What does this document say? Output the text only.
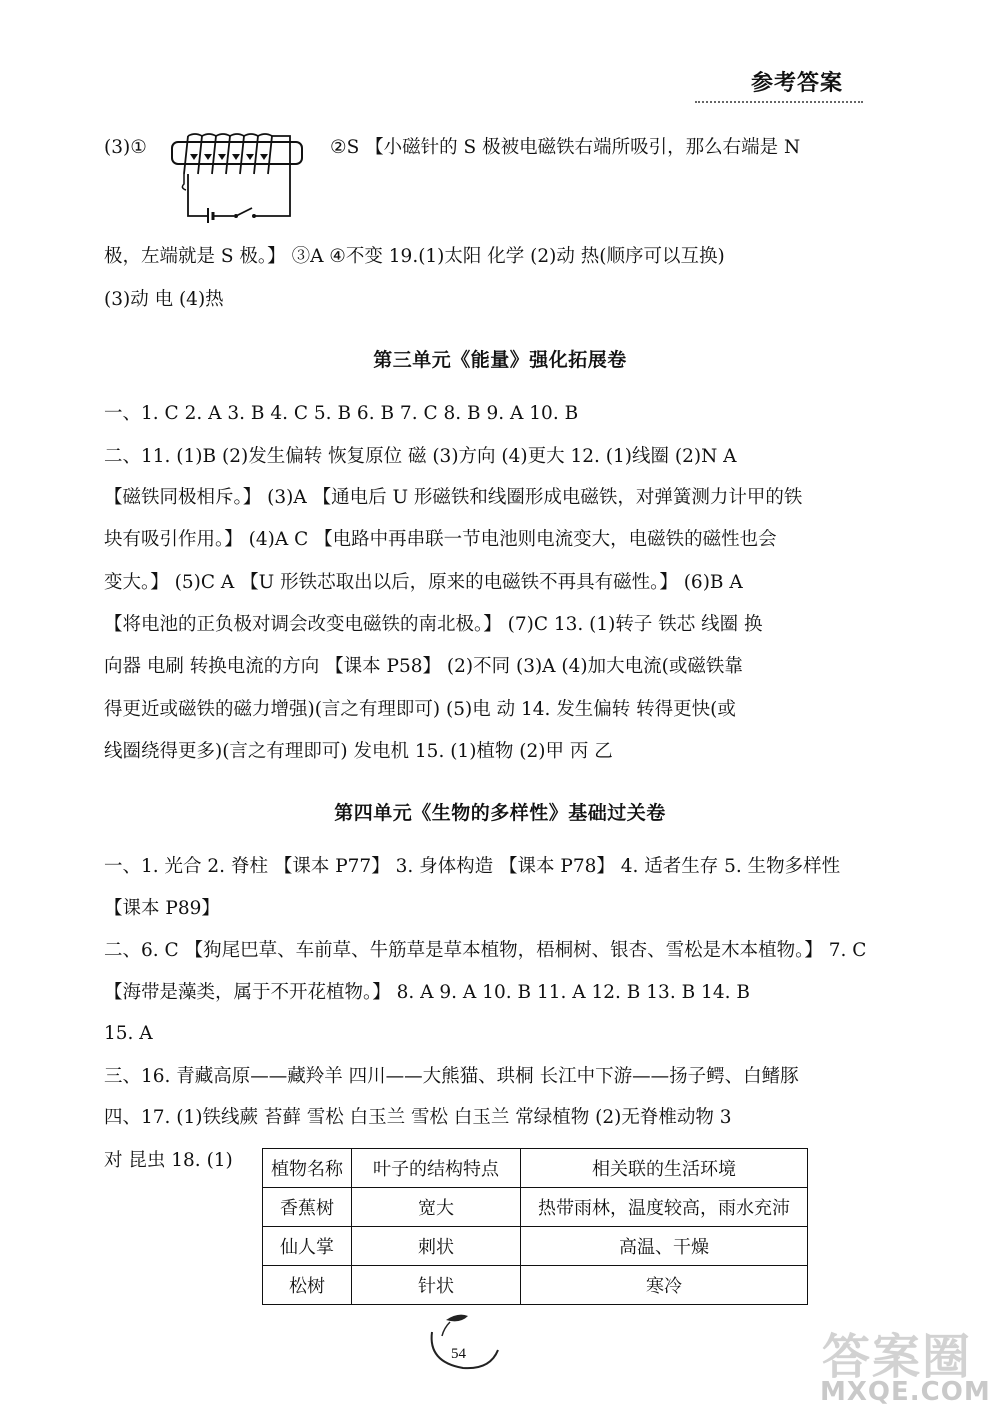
参考答案
(3)①	②S 【小磁针的 S 极被电磁铁右端所吸引，那么右端是 N
极，左端就是 S 极。】 ③A ④不变 19.(1)太阳 化学 (2)动 热(顺序可以互换)
(3)动 电 (4)热
第三单元《能量》强化拓展卷
一、1. C 2. A 3. B 4. C 5. B 6. B 7. C 8. B 9. A 10. B
二、11. (1)B (2)发生偏转 恢复原位 磁 (3)方向 (4)更大 12. (1)线圈 (2)N A
【磁铁同极相斥。】 (3)A 【通电后 U 形磁铁和线圈形成电磁铁，对弹簧测力计甲的铁
块有吸引作用。】 (4)A C 【电路中再串联一节电池则电流变大，电磁铁的磁性也会
变大。】 (5)C A 【U 形铁芯取出以后，原来的电磁铁不再具有磁性。】 (6)B A
【将电池的正负极对调会改变电磁铁的南北极。】 (7)C 13. (1)转子 铁芯 线圈 换
向器 电刷 转换电流的方向 【课本 P58】 (2)不同 (3)A (4)加大电流(或磁铁靠
得更近或磁铁的磁力增强)(言之有理即可) (5)电 动 14. 发生偏转 转得更快(或
线圈绕得更多)(言之有理即可) 发电机 15. (1)植物 (2)甲 丙 乙
第四单元《生物的多样性》基础过关卷
一、1. 光合 2. 脊柱 【课本 P77】 3. 身体构造 【课本 P78】 4. 适者生存 5. 生物多样性
【课本 P89】
二、6. C 【狗尾巴草、车前草、牛筋草是草本植物，梧桐树、银杏、雪松是木本植物。】 7. C
【海带是藻类，属于不开花植物。】 8. A 9. A 10. B 11. A 12. B 13. B 14. B
15. A
三、16. 青藏高原——藏羚羊 四川——大熊猫、珙桐 长江中下游——扬子鳄、白鳍豚
四、17. (1)铁线蕨 苔藓 雪松 白玉兰 雪松 白玉兰 常绿植物 (2)无脊椎动物 3
对 昆虫 18. (1) 植物名称	叶子的结构特点	相关联的生活环境
香蕉树	宽大	热带雨林，温度较高，雨水充沛
仙人掌	刺状	高温、干燥
松树	针状	寒冷
54	答案圈
MXQE.COM
